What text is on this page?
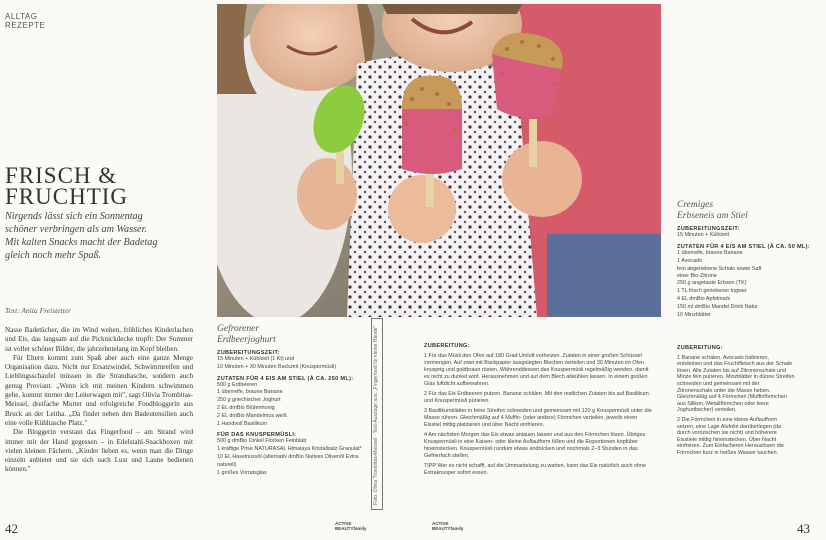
ALLTAG
REZEPTE
FRISCH &
FRUCHTIG
Nirgends lässt sich ein Sonnentag schöner verbringen als am Wasser. Mit kalten Snacks macht der Badetag gleich noch mehr Spaß.
Text: Anita Freistetter

Nasse Badetücher, die im Wind wehen, fröhliches Kinderlachen und Eis, das langsam auf die Picknickdecke tropft: Der Sommer ist voller schöner Bilder, die jahrzehntelang im Kopf bleiben.

Für Eltern kommt zum Spaß aber auch eine ganze Menge Organisation dazu. Nicht nur Ersatzwindel, Schwimmreifen und Lieblingsschaufel müssen in die Strandtasche, sondern auch genug Proviant. „Wenn ich mit meinen Kindern schwimmen gehe, kommt immer der Leiterwagen mit", sagt Olivia Trombitas-Meissel, dreifache Mutter und erfolgreiche Foodbloggerin aus Bruck an der Leitha. „Da findet neben den Badeutensilien auch eine volle Kühltasche Platz."

Die Bloggerin verstaut das Fingerfood – am Strand wird immer mit der Hand gegessen – in Edelstahl-Snackboxen mit vielen kleinen Fächern. „Kinder lieben es, wenn man die Dinge einzeln anbietet und sie sich nach Lust und Laune bedienen können."

42	43
Gefrorener
Erdbeerjoghurt

ZUBEREITUNGSZEIT:

15 Minuten + Kühlzeit (1 Kt) und

10 Minuten + 30 Minuten Backzeit (Knuspermüsli)

ZUTATEN FÜR 4 EIS AM STIEL (À CA. 250 ML):

500 g Erdbeeren

1 überreife, braune Banane

250 g griechischer Joghurt

2 EL dmBio Blütenhonig

2 EL dmBio Mandelmus weiß

1 Handvoll Basilikum

FÜR DAS KNUSPERMÜSLI:

500 g dmBio Dinkel Flocken Feinblatt

1 kräftige Prise NATURASAL Himalaya Kristallsalz Granulat*

10 EL Haselnussöl (alternativ dmBio Natives Olivenöl Extra naturell)

1 großes Vorratsglas	Foto: Olivia Trombitas-Meissel · Text-Auszüge aus: „Fingerfood für kleine Hände"
ACTIVE
BEAUTYfamily
ACTIVE
BEAUTYfamily

ZUBEREITUNG:

1 Für das Müsli den Ofen auf 180 Grad Umluft vorheizen. Zutaten in einer großen Schüssel vermengen. Auf zwei mit Backpapier ausgelegten Blechen verteilen und 30 Minuten im Ofen knusprig und goldbraun rösten. Währenddessen das Knuspermüsli regelmäßig wenden, damit es nicht zu dunkel wird. Herausnehmen und auf dem Blech abkühlen lassen. In einem großen Glas luftdicht aufbewahren.

2 Für das Eis Erdbeeren putzen. Banane schälen. Mit den restlichen Zutaten bis auf Basilikum und Knuspermüsli pürieren.

3 Basilikumblätter in feine Streifen schneiden und gemeinsam mit 120 g Knuspermüsli unter die Masse rühren. Gleichmäßig auf 4 Muffin- (oder andere) Förmchen verteilen, jeweils einen Eisstiel mittig platzieren und über Nacht einfrieren.

4 Am nächsten Morgen das Eis etwas antauen lassen und aus den Förmchen lösen. Übriges Knuspermüsli in eine Kaisen- oder kleine Auflaufform füllen und die Eisportionen kopfüber hineinstecken. Knuspermüsli rundum etwas andrücken und nochmals 2–3 Stunden in das Gefrierfach stellen.

TIPP Wer es nicht schafft, auf die Ummantelung zu warten, kann das Eis natürlich auch ohne Extraknusper sofort essen.

Cremiges
Erbseneis am Stiel

ZUBEREITUNGSZEIT:

15 Minuten + Kühlzeit

ZUTATEN FÜR 4 EIS AM STIEL (À CA. 50 ML):

1 überreife, braune Banane

1 Avocado

fein abgeriebene Schale sowie Saft einer Bio-Zitrone

250 g angetaute Erbsen (TK)

1 TL frisch geriebener Ingwer

4 EL dmBio Apfelmark

150 ml dmBio Mandel Drink Natur

10 Minzblätter

ZUBEREITUNG:

1 Banane schälen. Avocado halbieren, entsteinen und das Fruchtfleisch aus der Schale lösen. Alle Zutaten bis auf Zitronenschale und Minze fein pürieren. Minzblätter in dünne Streifen schneiden und gemeinsam mit der Zitronenschale unter die Masse heben. Gleichmäßig auf 4 Förmchen (Muffinförmchen aus Silikon, Metallförmchen oder leere Joghurtbecher) verteilen.

2 Die Förmchen in eine kleine Auflaufform setzen, eine Lage Alufolie darüberlegen (da durch vorrutschen sie nicht) und höherere Eisstiele mittig hineinstecken. Über Nacht einfrieren. Zum Einfacheren Herauslösen die Förmchen kurz in heißes Wasser tauchen.
